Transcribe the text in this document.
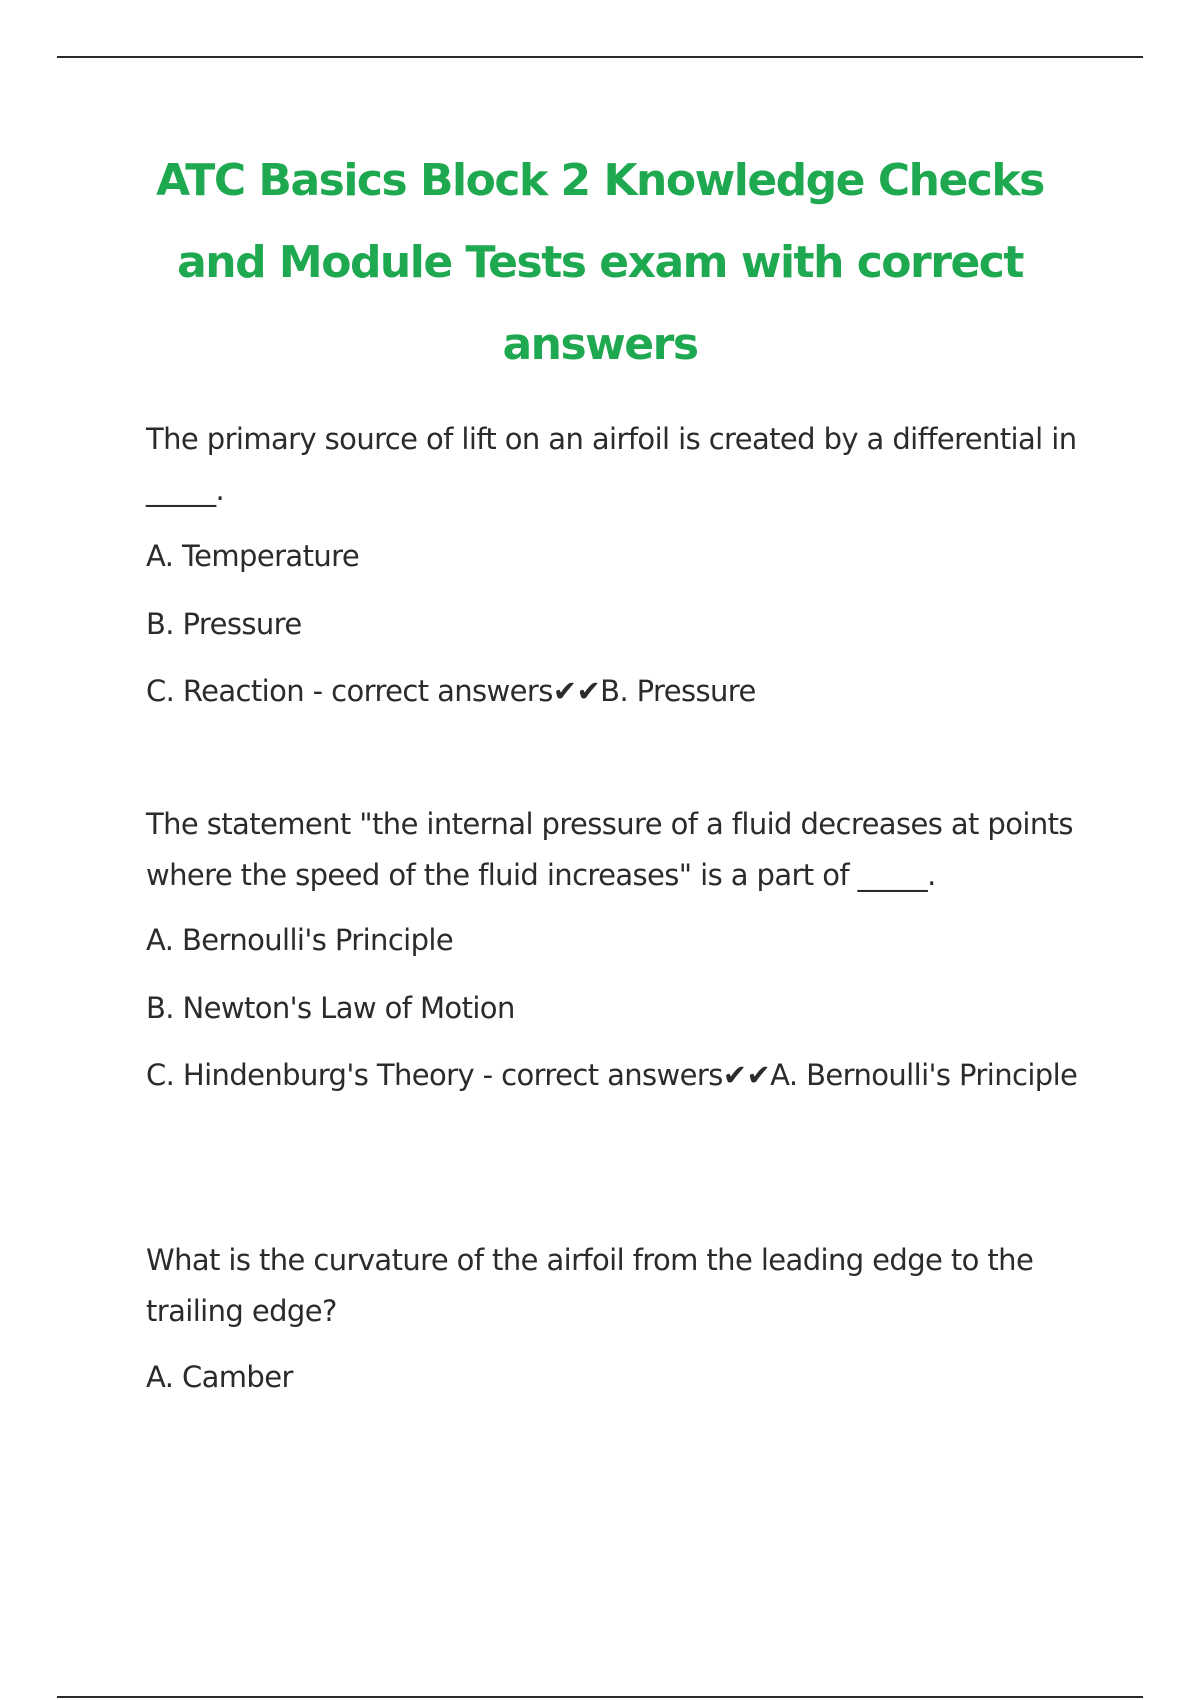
ATC Basics Block 2 Knowledge Checks and Module Tests exam with correct answers

The primary source of lift on an airfoil is created by a differential in _____.

A. Temperature

B. Pressure

C. Reaction - correct answers✔✔B. Pressure

The statement "the internal pressure of a fluid decreases at points where the speed of the fluid increases" is a part of _____.

A. Bernoulli's Principle

B. Newton's Law of Motion

C. Hindenburg's Theory - correct answers✔✔A. Bernoulli's Principle

What is the curvature of the airfoil from the leading edge to the trailing edge?

A. Camber
